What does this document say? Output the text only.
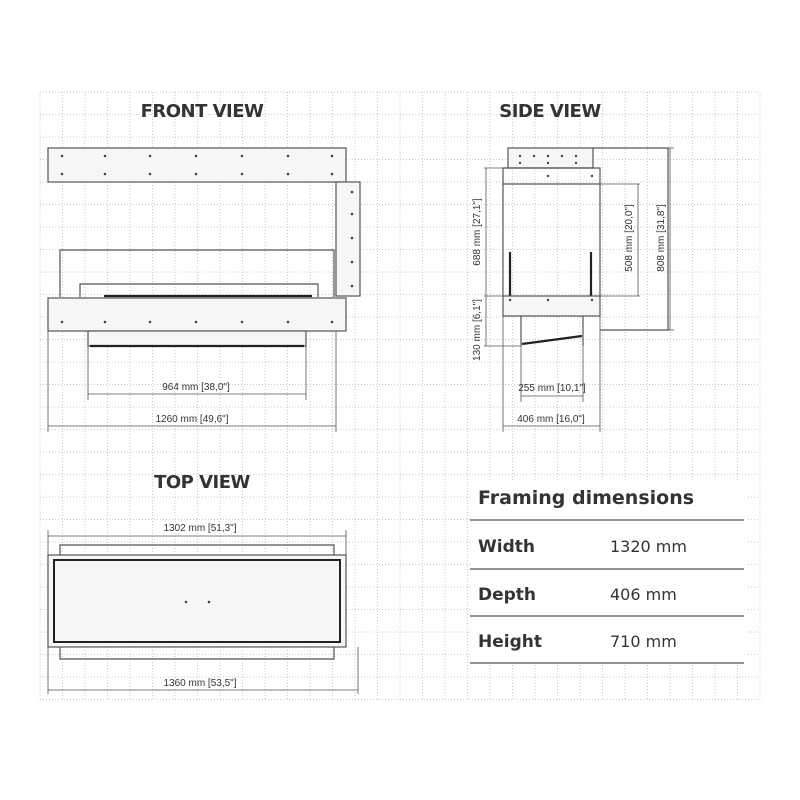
FRONT VIEW
964 mm [38,0"]
1260 mm [49,6"]
SIDE VIEW
688 mm [27,1"]
130 mm [6,1"]
508 mm [20,0"] 808 mm [31,8"]
255 mm [10,1"]
406 mm [16,0"]
TOP VIEW
1302 mm [51,3"]
1360 mm [53,5"]
Framing dimensions
Width	1320 mm
Depth	406 mm
Height	710 mm
